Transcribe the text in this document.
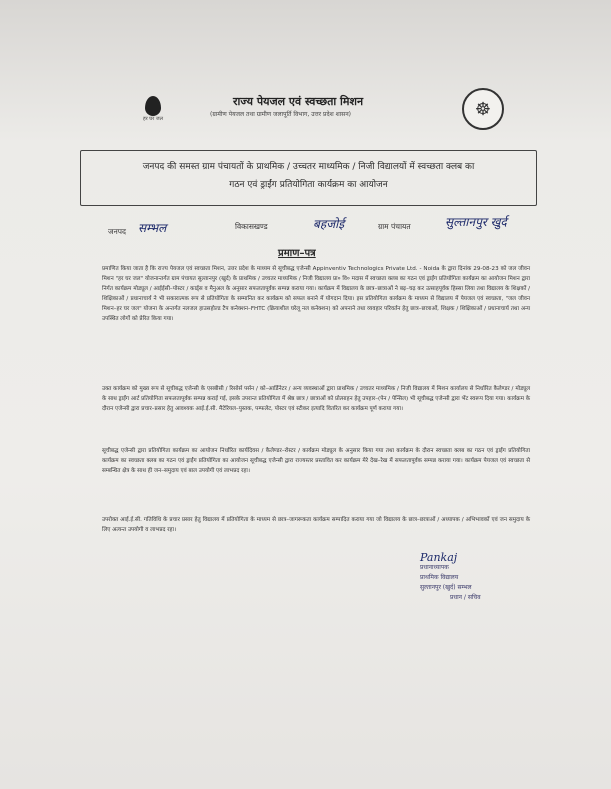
हर घर जल
राज्य पेयजल एवं स्वच्छता मिशन
(ग्रामीण पेयजल तथा ग्रामीण जलापूर्ति विभाग, उत्तर प्रदेश शासन)	☸
जनपद की समस्त ग्राम पंचायतों के प्राथमिक / उच्चतर माध्यमिक / निजी विद्यालयों में स्वच्छता क्लब का
गठन एवं ड्राईंग प्रतियोगिता कार्यक्रम का आयोजन
जनपद सम्भल	विकासखण्ड	बहजोई	ग्राम पंचायत	सुल्तानपुर खुर्द
प्रमाण–पत्र
प्रमाणित किया जाता है कि राज्य पेयजल एवं स्वच्छता मिशन, उत्तर प्रदेश के माध्यम से सूचीबद्ध एजेन्सी Appinventiv Technologics Private Ltd. - Noida के द्वारा दिनांक 29-08-23 को जल जीवन मिशन "हर घर जल" योजनान्तर्गत ग्राम पंचायत सुल्तानपुर (खुर्द) के प्राथमिक / उच्चतर माध्यमिक / निजी विद्यालय प्रा० वि० मदास में स्वच्छता क्लब का गठन एवं ड्राईंग प्रतियोगिता कार्यक्रम का आयोजन मिशन द्वारा निर्गत कार्यक्रम मोड्यूल / आईईसी–पोस्टर / कार्ड्स व मैनुअल के अनुसार सफलतापूर्वक सम्पन्न कराया गया। कार्यक्रम में विद्यालय के छात्र–छात्राओं ने बढ़–चढ़ कर उत्साहपूर्वक हिस्सा लिया तथा विद्यालय के शिक्षकों / शिक्षिकाओं / प्रधानाचार्य ने भी सकारात्मक रूप से प्रतियोगिता के सम्मानित कर कार्यक्रम को सफल बनाने में योगदान दिया। इस प्रतियोगिता कार्यक्रम के माध्यम से विद्यालय में पेयजल एवं स्वच्छता, "जल जीवन मिशन–हर घर जल" योजना के अन्तर्गत नलजल हाउसहोल्ड टैप कनेक्शन–FHTC (क्रियाशील घरेलू नल कनेक्शन) को अपनाने तथा व्यवहार परिवर्तन हेतु छात्र–छात्राओं, शिक्षक / शिक्षिकाओं / प्रधानाचार्य तथा अन्य उपस्थित लोगों को प्रेरित किया गया।
उक्त कार्यक्रम को मुख्य रूप से सूचीबद्ध एजेन्सी के एसबीसी / रिसोर्स पर्सन / को–आर्डिनेटर / अन्य व्यवस्थाओं द्वारा प्राथमिक / उच्चतर माध्यमिक / निजी विद्यालय में मिशन कार्यालय से निर्धारित कैलेण्डर / मोड्यूल के साथ ड्राईंग आर्ट प्रतियोगिता सफलतापूर्वक सम्पन्न कराई गई, इसके उपरान्त प्रतियोगिता में श्रेष्ठ छात्र / छात्राओं को प्रोत्साहन हेतु उपहार–(पेन / पेन्सिल) भी सूचीबद्ध एजेन्सी द्वारा भेंट स्वरूप दिया गया। कार्यक्रम के दौरान एजेन्सी द्वारा प्रचार–प्रसार हेतु आवश्यक आई.ई.सी. मैटेरियल–पुस्तक, पम्फलेट, पोस्टर एवं स्टीकर इत्यादि वितरित कर कार्यक्रम पूर्ण कराया गया।
सूचीबद्ध एजेन्सी द्वारा प्रतियोगिता कार्यक्रम का आयोजन निर्धारित कार्यदिवस / कैलेण्डर–रोस्टर / कार्यक्रम मोड्यूल के अनुसार किया गया तथा कार्यक्रम के दौरान स्वच्छता क्लब का गठन एवं ड्राईंग प्रतियोगिता कार्यक्रम का स्वच्छता क्लब का गठन एवं ड्राईंग प्रतियोगिता का आयोजन सूचीबद्ध एजेन्सी द्वारा राज्यस्तर प्रस्तावित कर कार्यक्रम मेरे देख–रेख में सफलतापूर्वक सम्पन्न कराया गया। कार्यक्रम पेयजल एवं स्वच्छता से सम्बन्धित क्षेत्र के साथ ही जन–समुदाय एवं बाल उपयोगी एवं लाभप्रद रहा।
उपरोक्त आई.ई.सी. गतिविधि के प्रचार प्रसार हेतु विद्यालय में प्रतियोगिता के माध्यम से छात्र–जागरूकता कार्यक्रम सम्पादित कराया गया जो विद्यालय के छात्र–छात्राओं / अध्यापक / अभिभावकों एवं जन समुदाय के लिए अत्यन्त उपयोगी व लाभप्रद रहा।
Pankaj
प्रधानाध्यापक
प्राथमिक विद्यालय
सुल्तानपुर (खुर्द) सम्भल
प्रधान / सचिव
